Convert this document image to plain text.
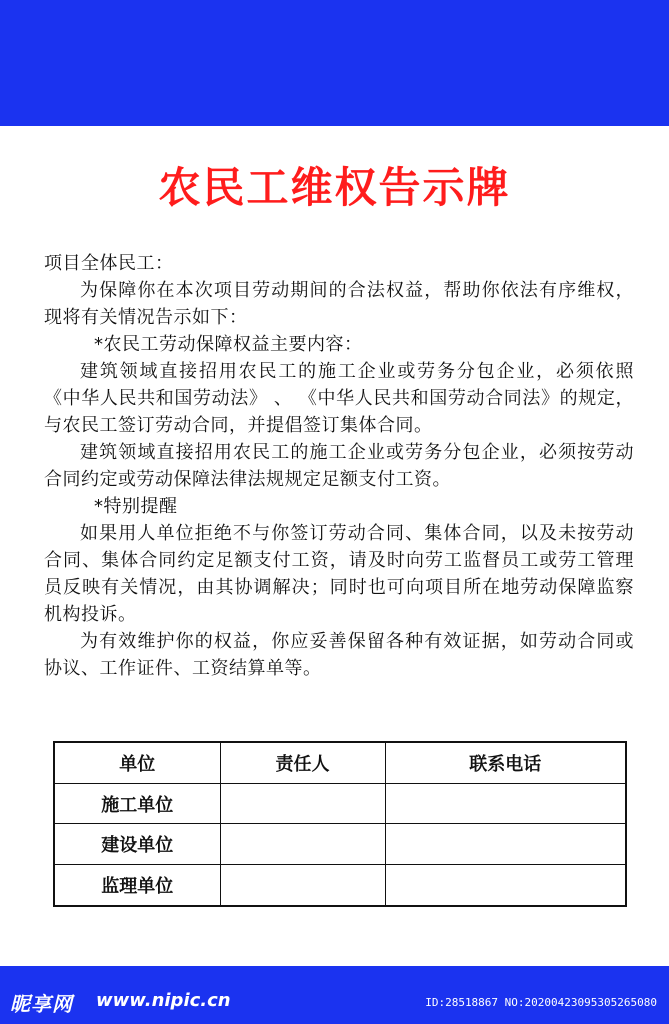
农民工维权告示牌

项目全体民工：

为保障你在本次项目劳动期间的合法权益，帮助你依法有序维权，现将有关情况告示如下：

*农民工劳动保障权益主要内容：

建筑领域直接招用农民工的施工企业或劳务分包企业，必须依照《中华人民共和国劳动法》 、 《中华人民共和国劳动合同法》的规定，与农民工签订劳动合同，并提倡签订集体合同。

建筑领域直接招用农民工的施工企业或劳务分包企业，必须按劳动合同约定或劳动保障法律法规规定足额支付工资。

*特别提醒

如果用人单位拒绝不与你签订劳动合同、集体合同，以及未按劳动合同、集体合同约定足额支付工资，请及时向劳工监督员工或劳工管理员反映有关情况，由其协调解决；同时也可向项目所在地劳动保障监察机构投诉。

为有效维护你的权益，你应妥善保留各种有效证据，如劳动合同或协议、工作证件、工资结算单等。

单位	责任人	联系电话
施工单位		
建设单位		
监理单位		
昵享网 www.nipic.cn	ID:28518867 NO:20200423095305265080
